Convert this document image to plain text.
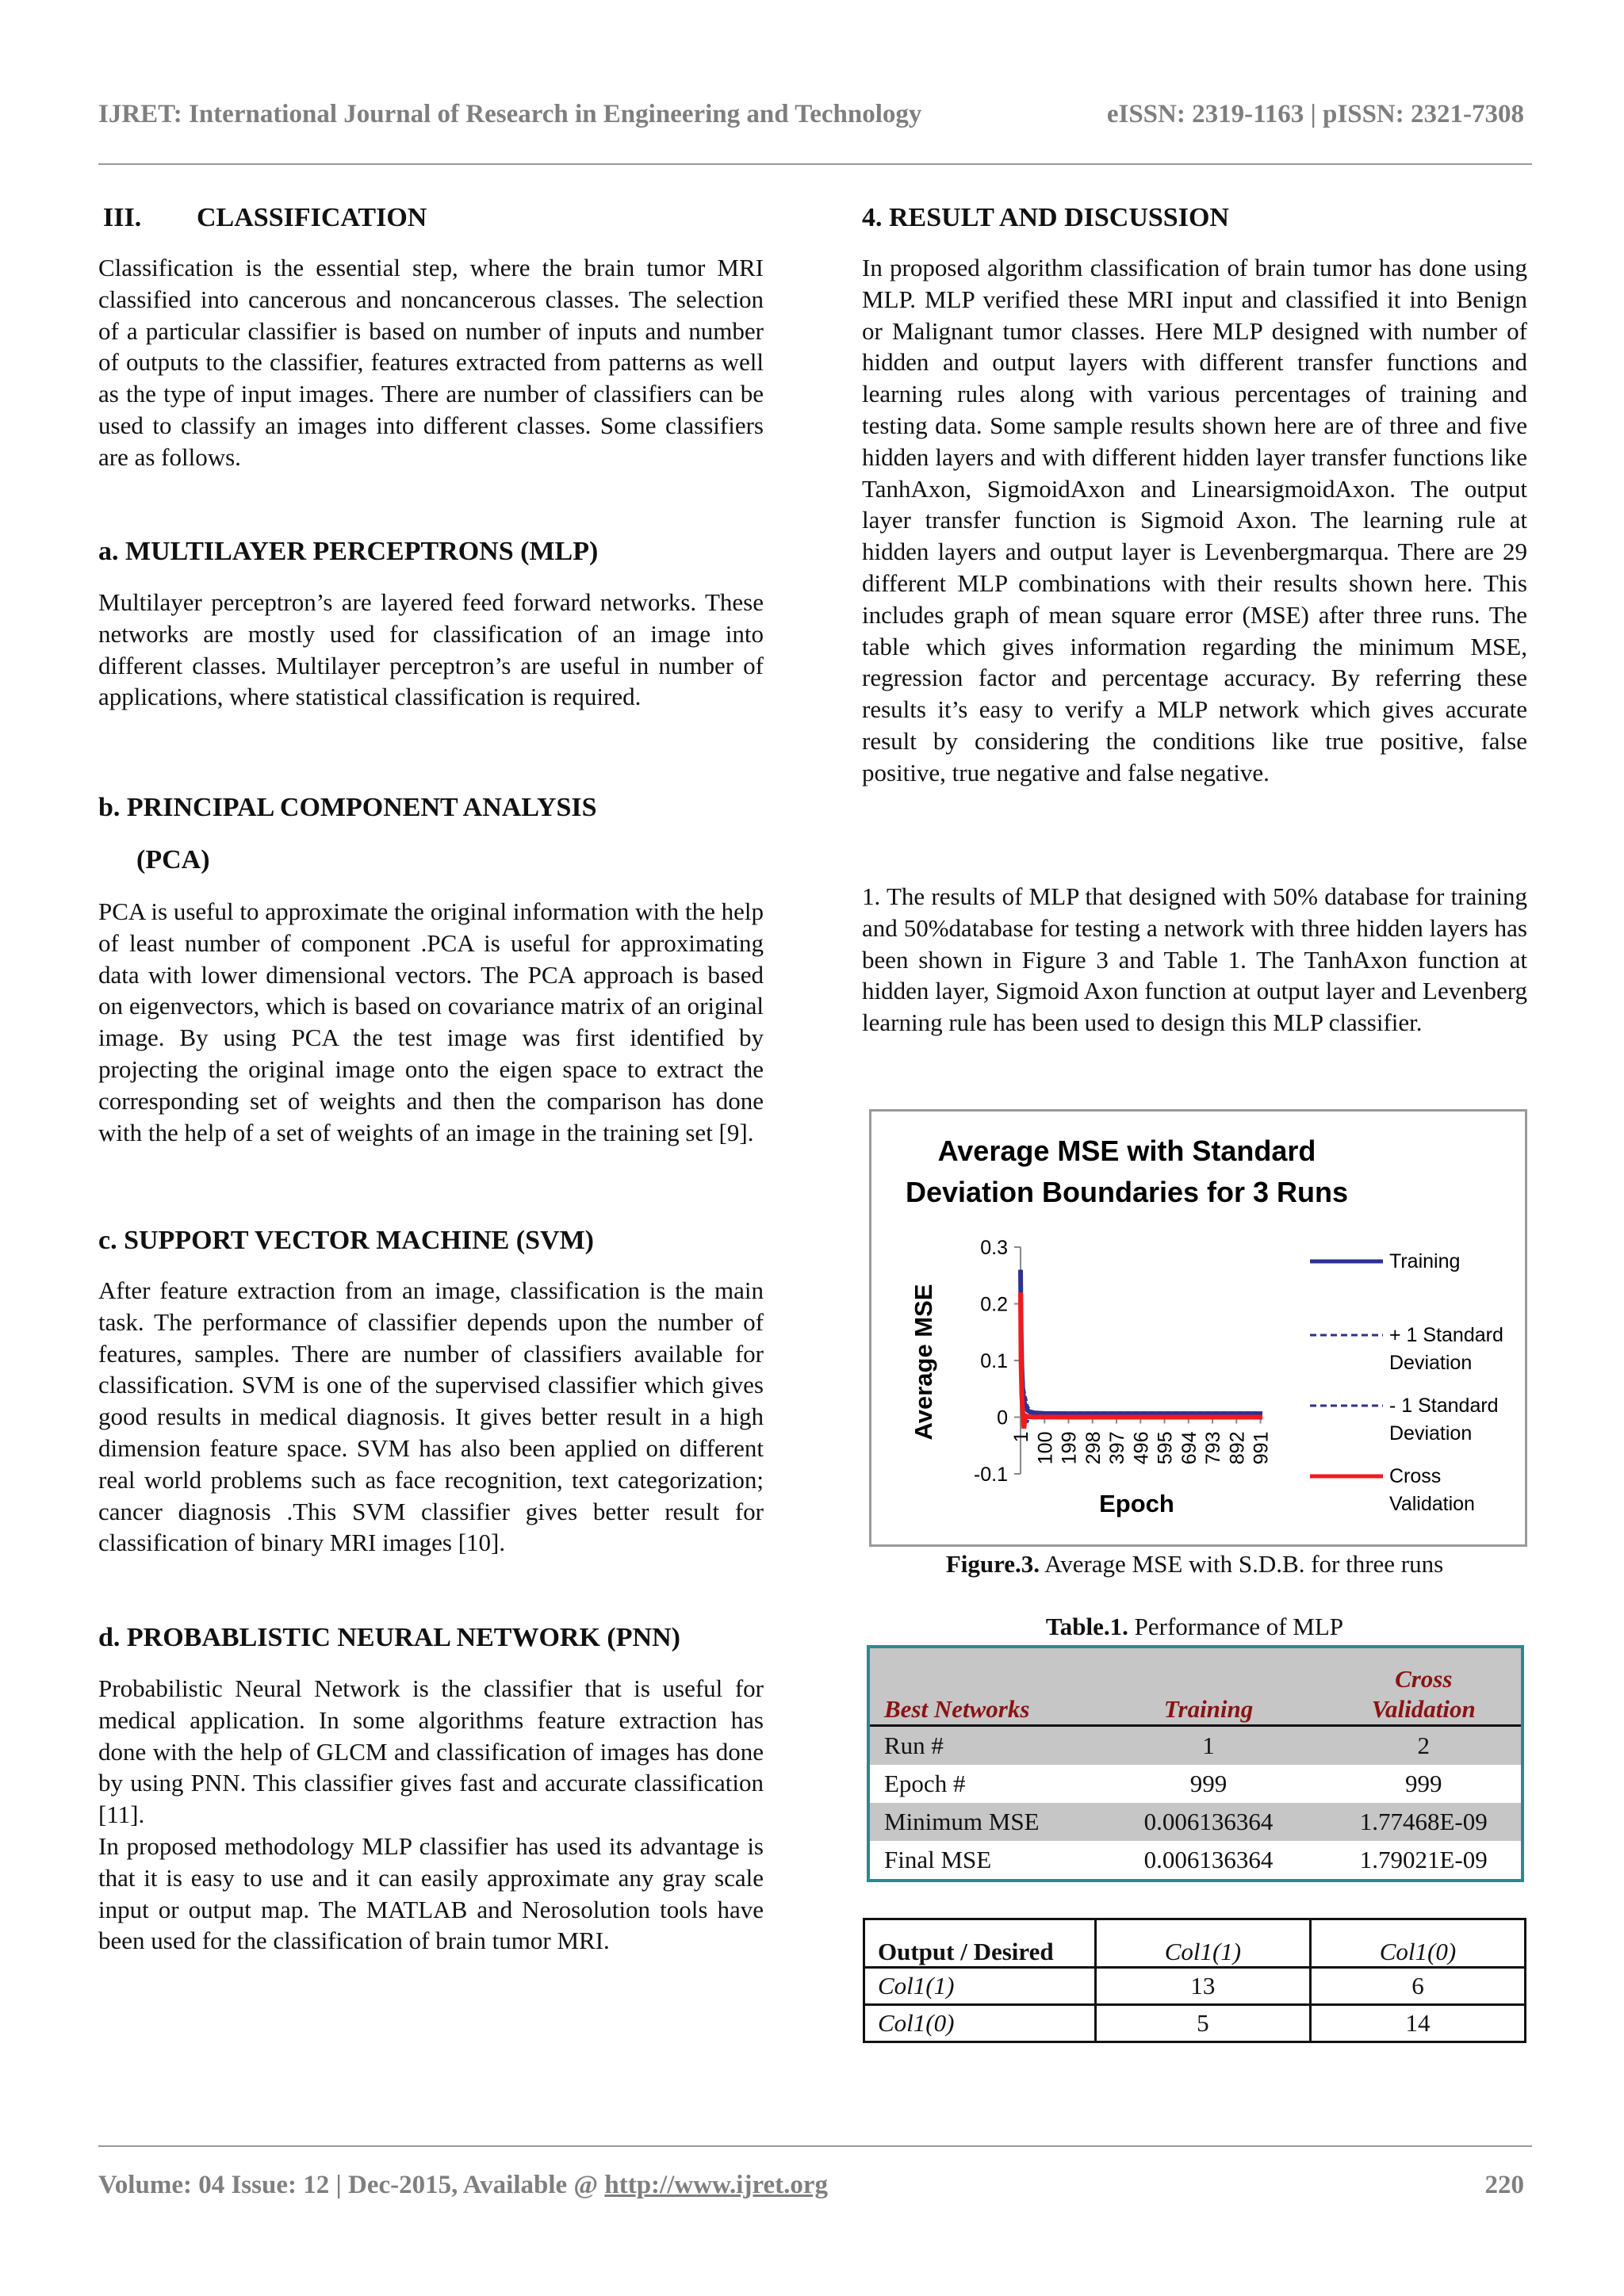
IJRET: International Journal of Research in Engineering and Technology	eISSN: 2319-1163 | pISSN: 2321-7308
III. CLASSIFICATION

Classification is the essential step, where the brain tumor MRI classified into cancerous and noncancerous classes. The selection of a particular classifier is based on number of inputs and number of outputs to the classifier, features extracted from patterns as well as the type of input images. There are number of classifiers can be used to classify an images into different classes. Some classifiers are as follows.

a. MULTILAYER PERCEPTRONS (MLP)

Multilayer perceptron’s are layered feed forward networks. These networks are mostly used for classification of an image into different classes. Multilayer perceptron’s are useful in number of applications, where statistical classification is required.

b. PRINCIPAL COMPONENT ANALYSIS
(PCA)

PCA is useful to approximate the original information with the help of least number of component .PCA is useful for approximating data with lower dimensional vectors. The PCA approach is based on eigenvectors, which is based on covariance matrix of an original image. By using PCA the test image was first identified by projecting the original image onto the eigen space to extract the corresponding set of weights and then the comparison has done with the help of a set of weights of an image in the training set [9].

c. SUPPORT VECTOR MACHINE (SVM)

After feature extraction from an image, classification is the main task. The performance of classifier depends upon the number of features, samples. There are number of classifiers available for classification. SVM is one of the supervised classifier which gives good results in medical diagnosis. It gives better result in a high dimension feature space. SVM has also been applied on different real world problems such as face recognition, text categorization; cancer diagnosis .This SVM classifier gives better result for classification of binary MRI images [10].

d. PROBABLISTIC NEURAL NETWORK (PNN)

Probabilistic Neural Network is the classifier that is useful for medical application. In some algorithms feature extraction has done with the help of GLCM and classification of images has done by using PNN. This classifier gives fast and accurate classification [11].

In proposed methodology MLP classifier has used its advantage is that it is easy to use and it can easily approximate any gray scale input or output map. The MATLAB and Nerosolution tools have been used for the classification of brain tumor MRI.

4. RESULT AND DISCUSSION

In proposed algorithm classification of brain tumor has done using MLP. MLP verified these MRI input and classified it into Benign or Malignant tumor classes. Here MLP designed with number of hidden and output layers with different transfer functions and learning rules along with various percentages of training and testing data. Some sample results shown here are of three and five hidden layers and with different hidden layer transfer functions like TanhAxon, SigmoidAxon and LinearsigmoidAxon. The output layer transfer function is Sigmoid Axon. The learning rule at hidden layers and output layer is Levenbergmarqua. There are 29 different MLP combinations with their results shown here. This includes graph of mean square error (MSE) after three runs. The table which gives information regarding the minimum MSE, regression factor and percentage accuracy. By referring these results it’s easy to verify a MLP network which gives accurate result by considering the conditions like true positive, false positive, true negative and false negative.

1. The results of MLP that designed with 50% database for training and 50%database for testing a network with three hidden layers has been shown in Figure 3 and Table 1. The TanhAxon function at hidden layer, Sigmoid Axon function at output layer and Levenberg learning rule has been used to design this MLP classifier.

Average MSE with Standard
Deviation Boundaries for 3 Runs
0.3
0.2
0.1
0
-0.1
1 100 199 298 397 496 595 694 793 892 991
Epoch
Average MSE
Training
+ 1 Standard
Deviation
- 1 Standard
Deviation
Cross
Validation
Figure.3. Average MSE with S.D.B. for three runs
Table.1. Performance of MLP
Best Networks	Training	Cross Validation
Run #	1	2
Epoch #	999	999
Minimum MSE	0.006136364	1.77468E-09
Final MSE	0.006136364	1.79021E-09
Output / Desired	Col1(1)	Col1(0)
Col1(1)	13	6
Col1(0)	5	14
Volume: 04 Issue: 12 | Dec-2015, Available @ http://www.ijret.org	220
